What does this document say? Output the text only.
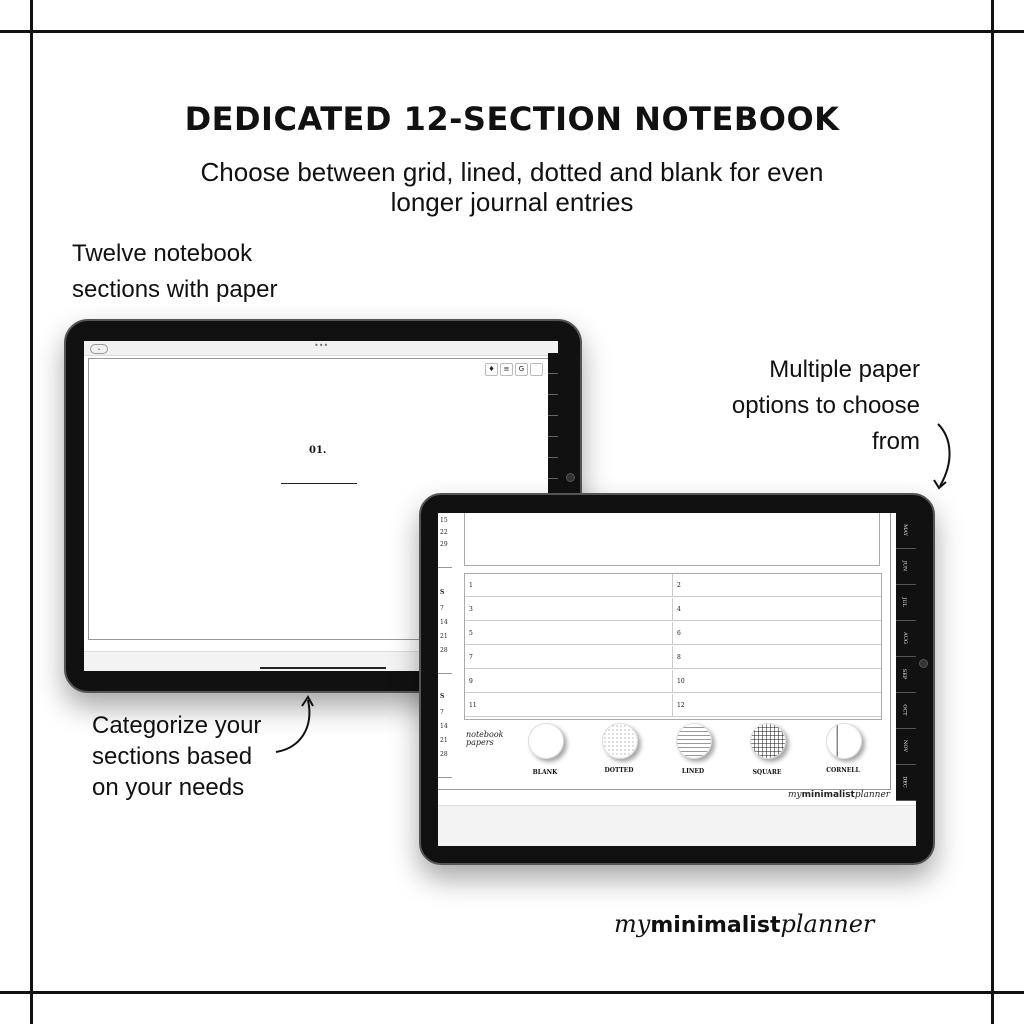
DEDICATED 12-SECTION NOTEBOOK
Choose between grid, lined, dotted and blank for even
longer journal entries
Twelve notebook
sections with paper
Multiple paper
options to choose
from
⌄	•••
01.
♦	≡	G
Categorize your
sections based
on your needs
15
22
29
S
7
14
21
28
S
7
14
21
28
1	2
3	4
5	6
7	8
9	10
11	12
notebook papers
BLANK	DOTTED	LINED	SQUARE	CORNELL
myminimalistplanner
MAY
JUN
JUL
AUG
SEP
OCT
NOV
DEC
myminimalistplanner
